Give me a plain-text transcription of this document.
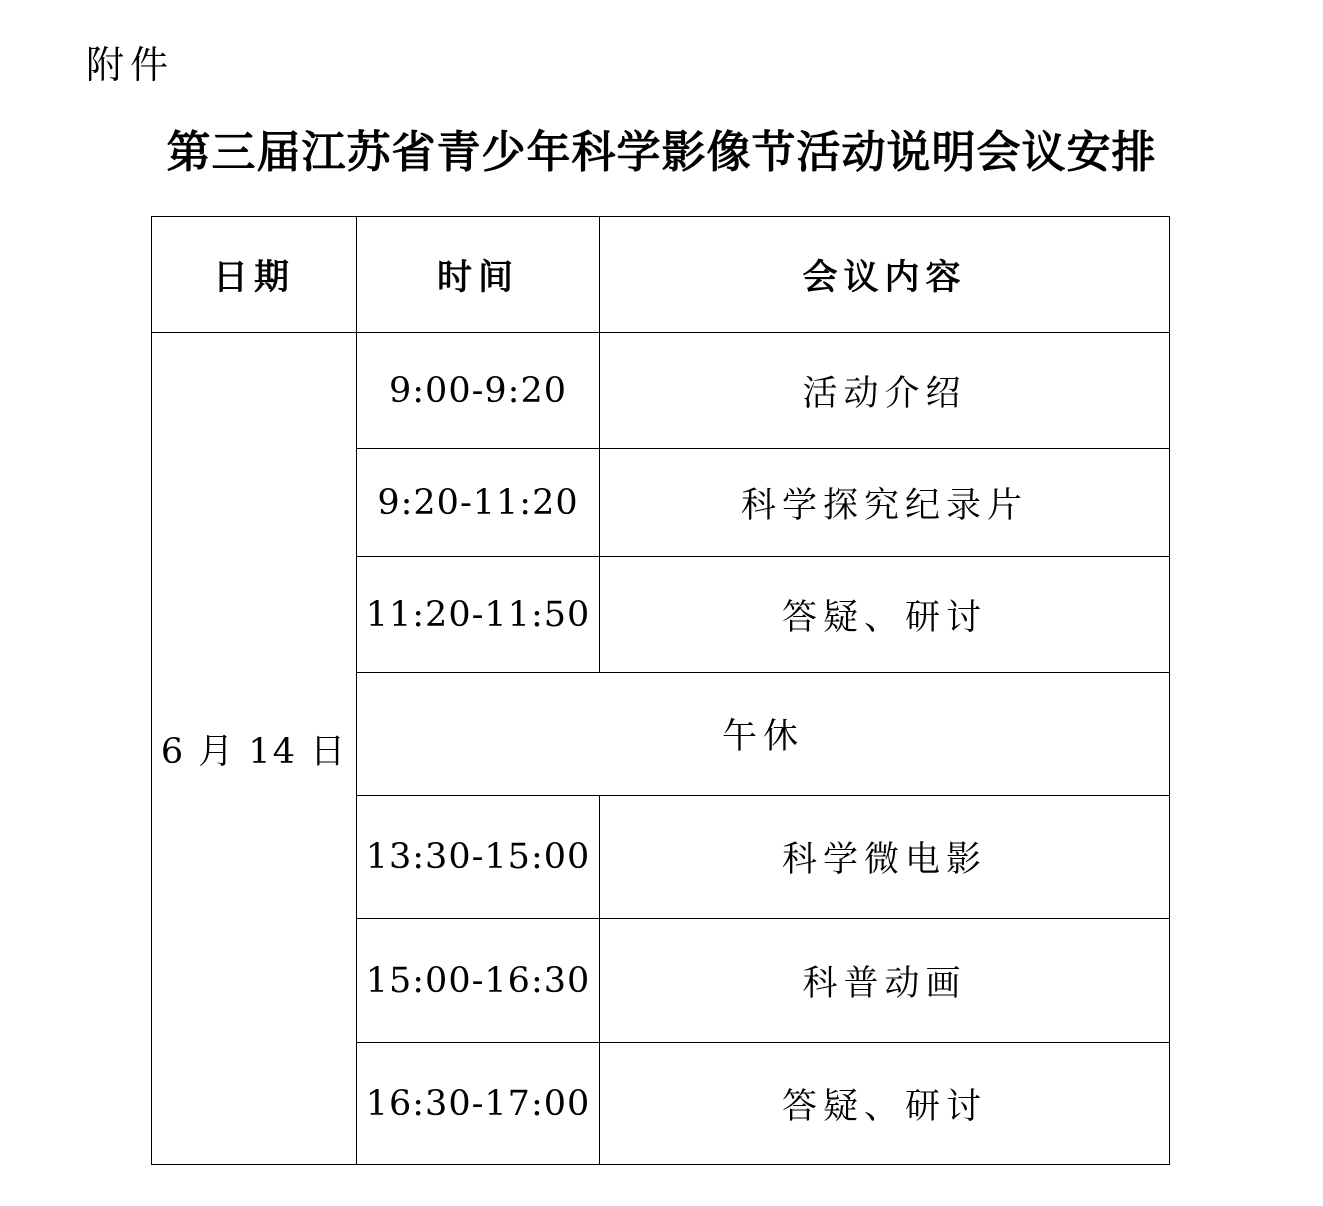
附件
第三届江苏省青少年科学影像节活动说明会议安排
日期	时间	会议内容
6 月 14 日	9:00-9:20	活动介绍
	9:20-11:20	科学探究纪录片
	11:20-11:50	答疑、研讨
	午休	
	13:30-15:00	科学微电影
	15:00-16:30	科普动画
	16:30-17:00	答疑、研讨
